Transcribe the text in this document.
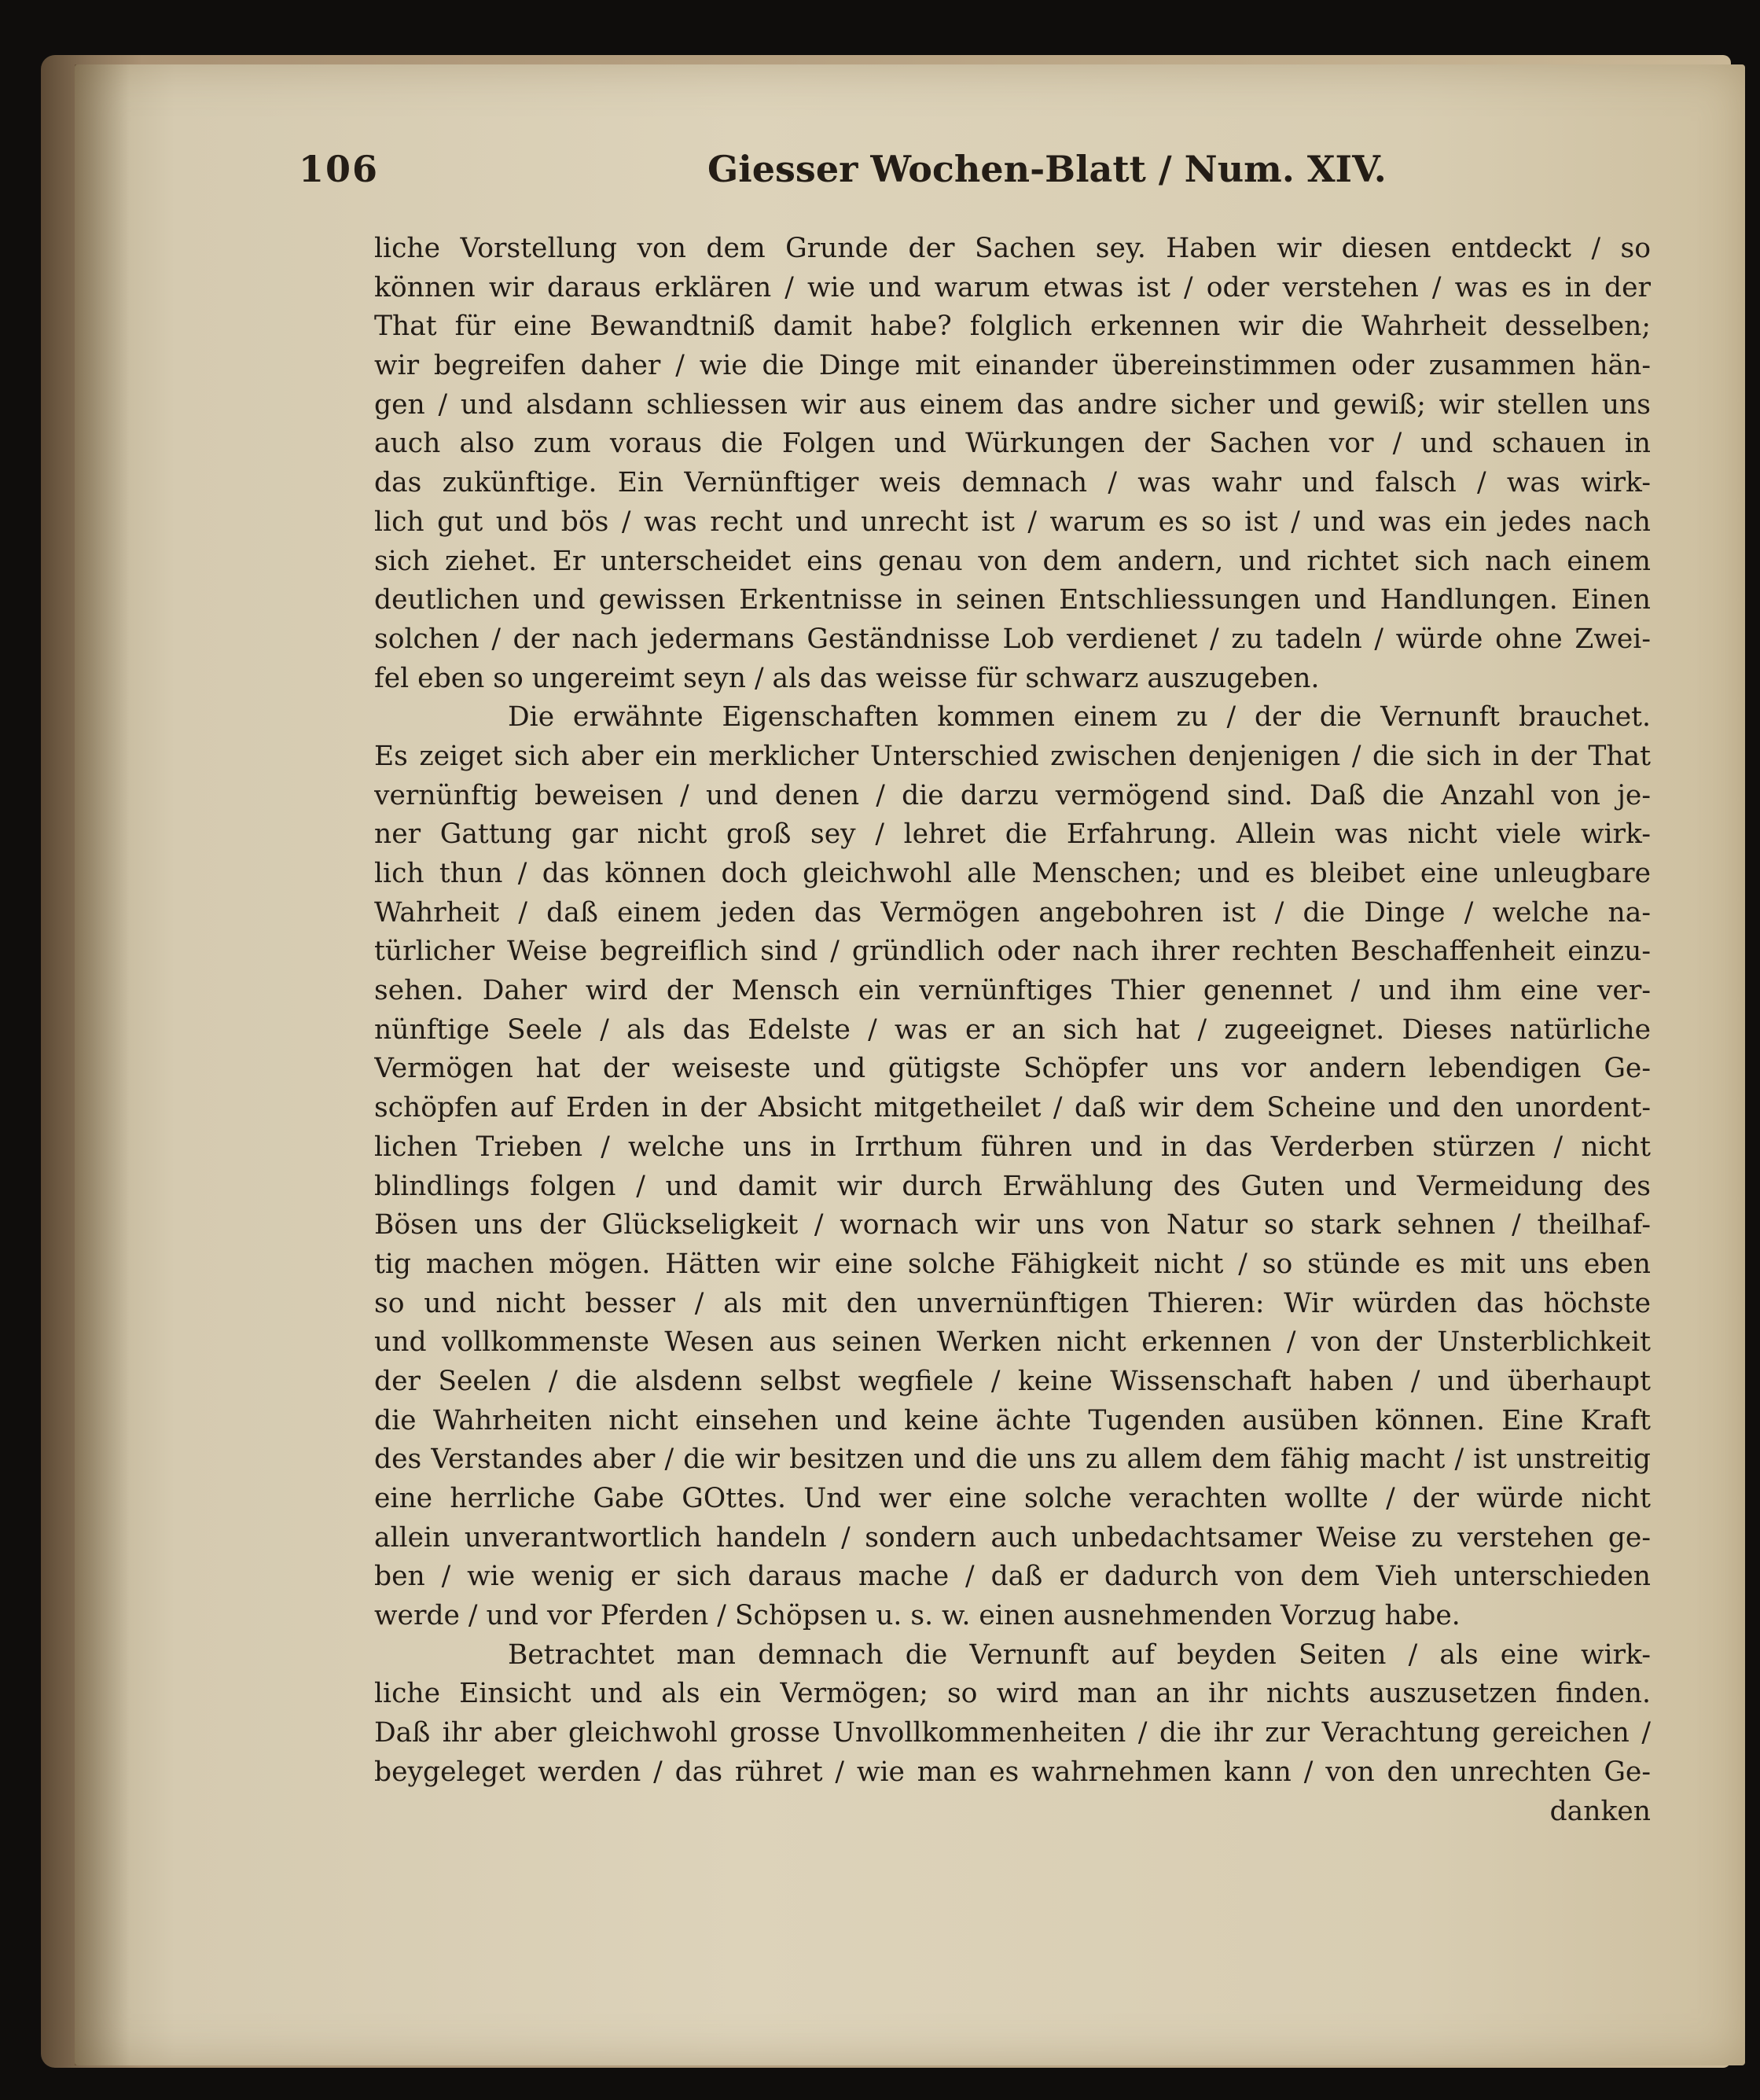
106	Giesser Wochen-Blatt / Num. XIV.
liche Vorstellung von dem Grunde der Sachen sey. Haben wir diesen entdeckt / so
können wir daraus erklären / wie und warum etwas ist / oder verstehen / was es in der
That für eine Bewandtniß damit habe? folglich erkennen wir die Wahrheit desselben;
wir begreifen daher / wie die Dinge mit einander übereinstimmen oder zusammen hän-
gen / und alsdann schliessen wir aus einem das andre sicher und gewiß; wir stellen uns
auch also zum voraus die Folgen und Würkungen der Sachen vor / und schauen in
das zukünftige. Ein Vernünftiger weis demnach / was wahr und falsch / was wirk-
lich gut und bös / was recht und unrecht ist / warum es so ist / und was ein jedes nach
sich ziehet. Er unterscheidet eins genau von dem andern, und richtet sich nach einem
deutlichen und gewissen Erkentnisse in seinen Entschliessungen und Handlungen. Einen
solchen / der nach jedermans Geständnisse Lob verdienet / zu tadeln / würde ohne Zwei-
fel eben so ungereimt seyn / als das weisse für schwarz auszugeben.
Die erwähnte Eigenschaften kommen einem zu / der die Vernunft brauchet.
Es zeiget sich aber ein merklicher Unterschied zwischen denjenigen / die sich in der That
vernünftig beweisen / und denen / die darzu vermögend sind. Daß die Anzahl von je-
ner Gattung gar nicht groß sey / lehret die Erfahrung. Allein was nicht viele wirk-
lich thun / das können doch gleichwohl alle Menschen; und es bleibet eine unleugbare
Wahrheit / daß einem jeden das Vermögen angebohren ist / die Dinge / welche na-
türlicher Weise begreiflich sind / gründlich oder nach ihrer rechten Beschaffenheit einzu-
sehen. Daher wird der Mensch ein vernünftiges Thier genennet / und ihm eine ver-
nünftige Seele / als das Edelste / was er an sich hat / zugeeignet. Dieses natürliche
Vermögen hat der weiseste und gütigste Schöpfer uns vor andern lebendigen Ge-
schöpfen auf Erden in der Absicht mitgetheilet / daß wir dem Scheine und den unordent-
lichen Trieben / welche uns in Irrthum führen und in das Verderben stürzen / nicht
blindlings folgen / und damit wir durch Erwählung des Guten und Vermeidung des
Bösen uns der Glückseligkeit / wornach wir uns von Natur so stark sehnen / theilhaf-
tig machen mögen. Hätten wir eine solche Fähigkeit nicht / so stünde es mit uns eben
so und nicht besser / als mit den unvernünftigen Thieren: Wir würden das höchste
und vollkommenste Wesen aus seinen Werken nicht erkennen / von der Unsterblichkeit
der Seelen / die alsdenn selbst wegfiele / keine Wissenschaft haben / und überhaupt
die Wahrheiten nicht einsehen und keine ächte Tugenden ausüben können. Eine Kraft
des Verstandes aber / die wir besitzen und die uns zu allem dem fähig macht / ist unstreitig
eine herrliche Gabe GOttes. Und wer eine solche verachten wollte / der würde nicht
allein unverantwortlich handeln / sondern auch unbedachtsamer Weise zu verstehen ge-
ben / wie wenig er sich daraus mache / daß er dadurch von dem Vieh unterschieden
werde / und vor Pferden / Schöpsen u. s. w. einen ausnehmenden Vorzug habe.
Betrachtet man demnach die Vernunft auf beyden Seiten / als eine wirk-
liche Einsicht und als ein Vermögen; so wird man an ihr nichts auszusetzen finden.
Daß ihr aber gleichwohl grosse Unvollkommenheiten / die ihr zur Verachtung gereichen /
beygeleget werden / das rühret / wie man es wahrnehmen kann / von den unrechten Ge-
danken
